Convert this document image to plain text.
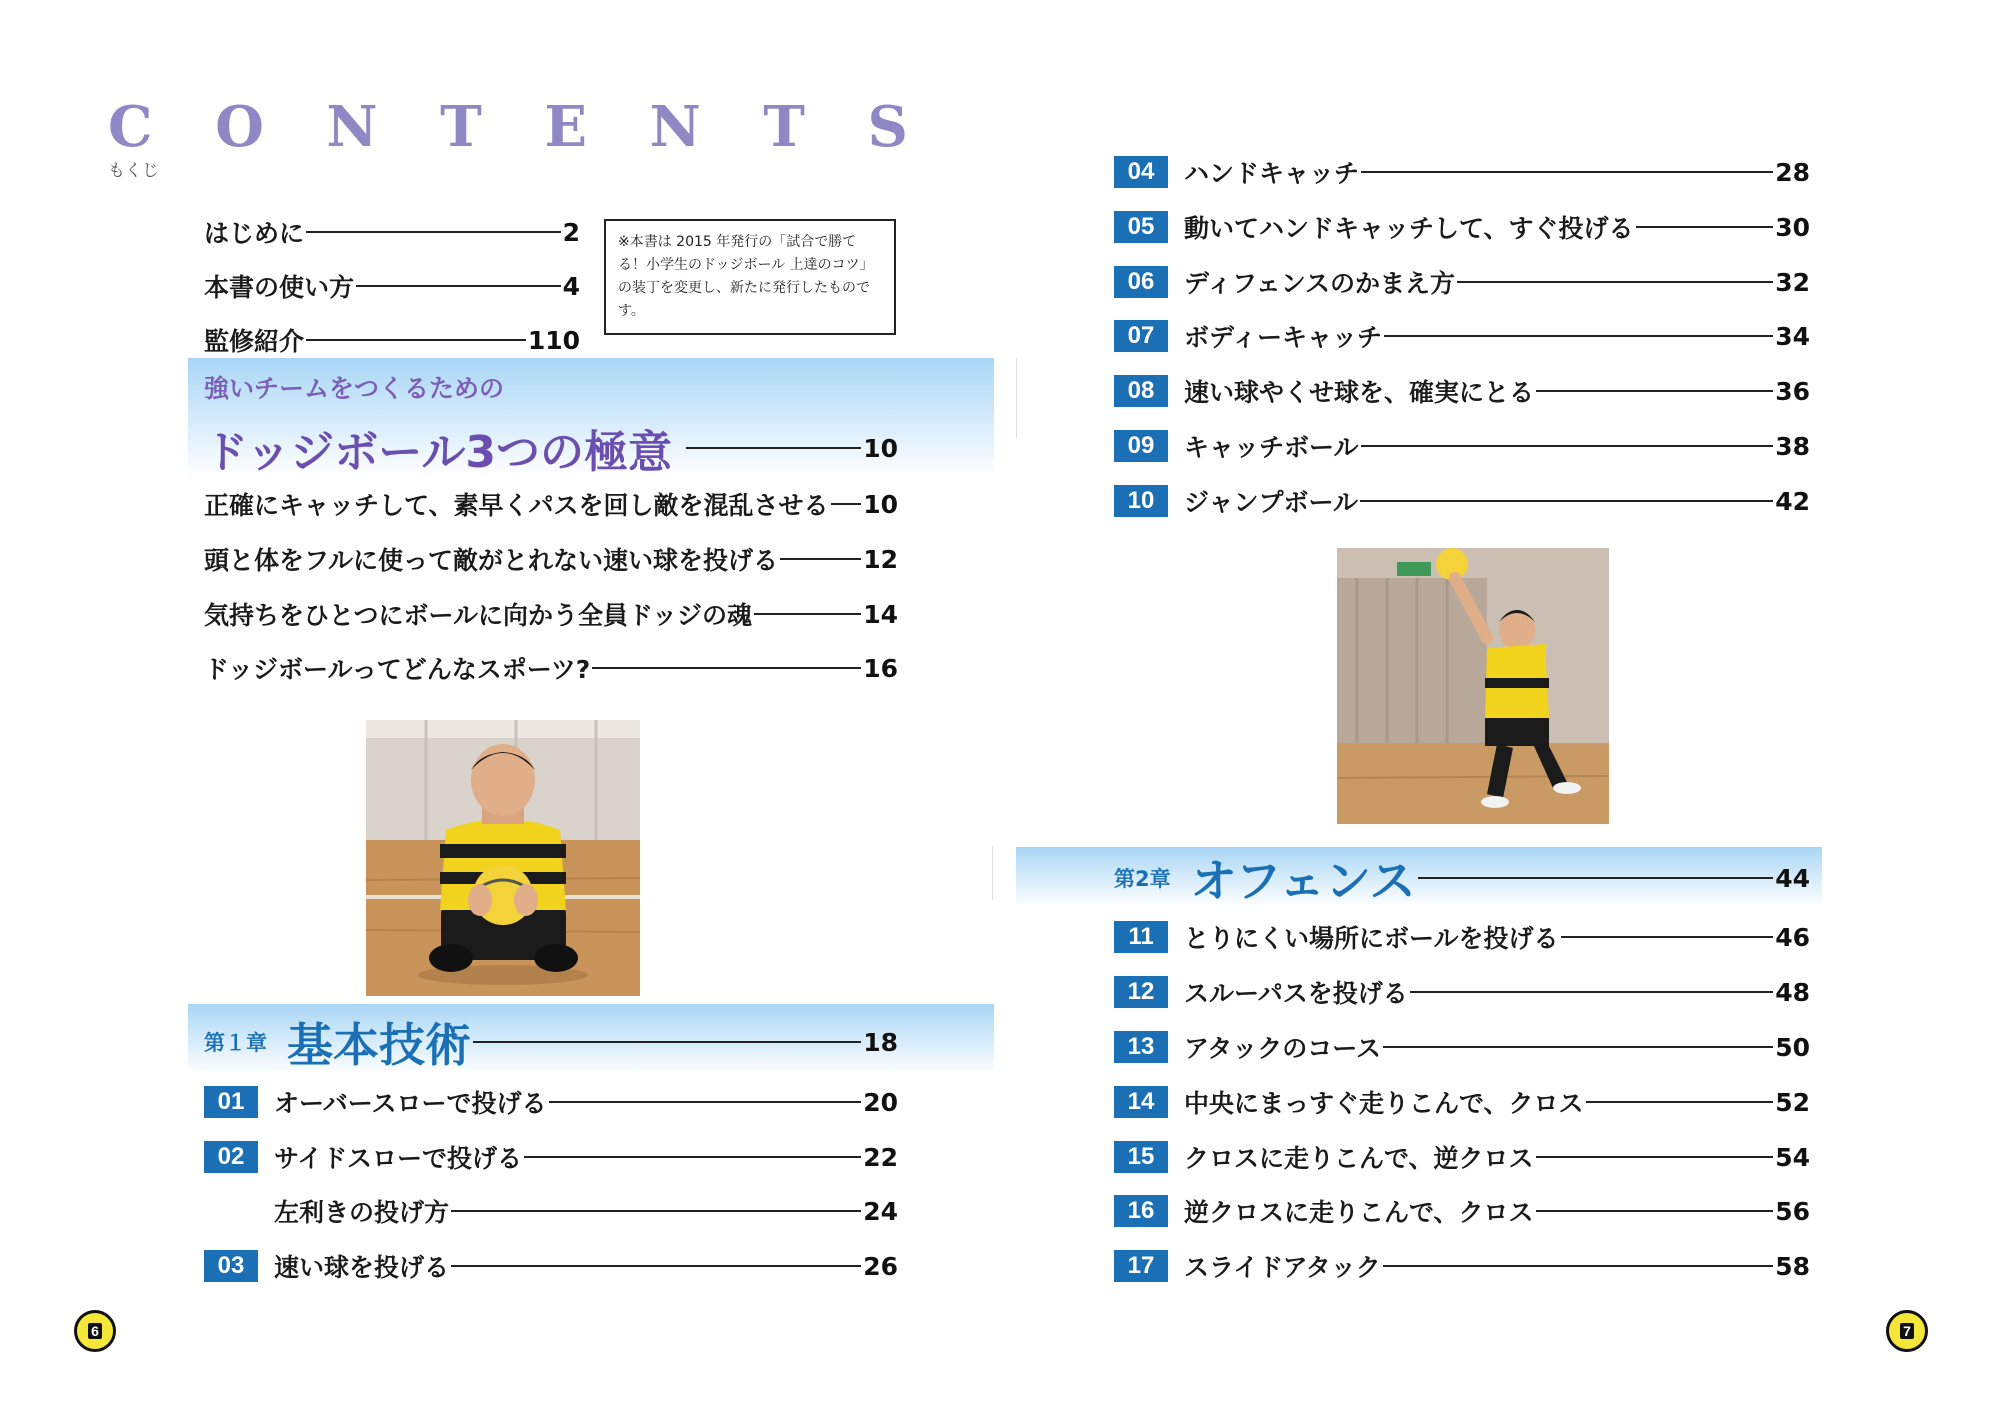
C O N T E N T S
もくじ
はじめに	2
本書の使い方	4
監修紹介	110
※本書は 2015 年発行の「試合で勝てる！小学生のドッジボール 上達のコツ」の装丁を変更し、新たに発行したものです。
強いチームをつくるための
ドッジボール3つの極意	10
正確にキャッチして、素早くパスを回し敵を混乱させる 10
頭と体をフルに使って敵がとれない速い球を投げる	12
気持ちをひとつにボールに向かう全員ドッジの魂	14
ドッジボールってどんなスポーツ?	16
第１章 基本技術	18
01	オーバースローで投げる	20
02	サイドスローで投げる	22
左利きの投げ方	24
03	速い球を投げる	26
04	ハンドキャッチ	28
05	動いてハンドキャッチして、すぐ投げる	30
06	ディフェンスのかまえ方	32
07	ボディーキャッチ	34
08	速い球やくせ球を、確実にとる	36
09	キャッチボール	38
10	ジャンプボール	42
第2章 オフェンス	44
11	とりにくい場所にボールを投げる	46
12	スルーパスを投げる	48
13	アタックのコース	50
14	中央にまっすぐ走りこんで、クロス	52
15	クロスに走りこんで、逆クロス	54
16	逆クロスに走りこんで、クロス	56
17	スライドアタック	58
6	7
